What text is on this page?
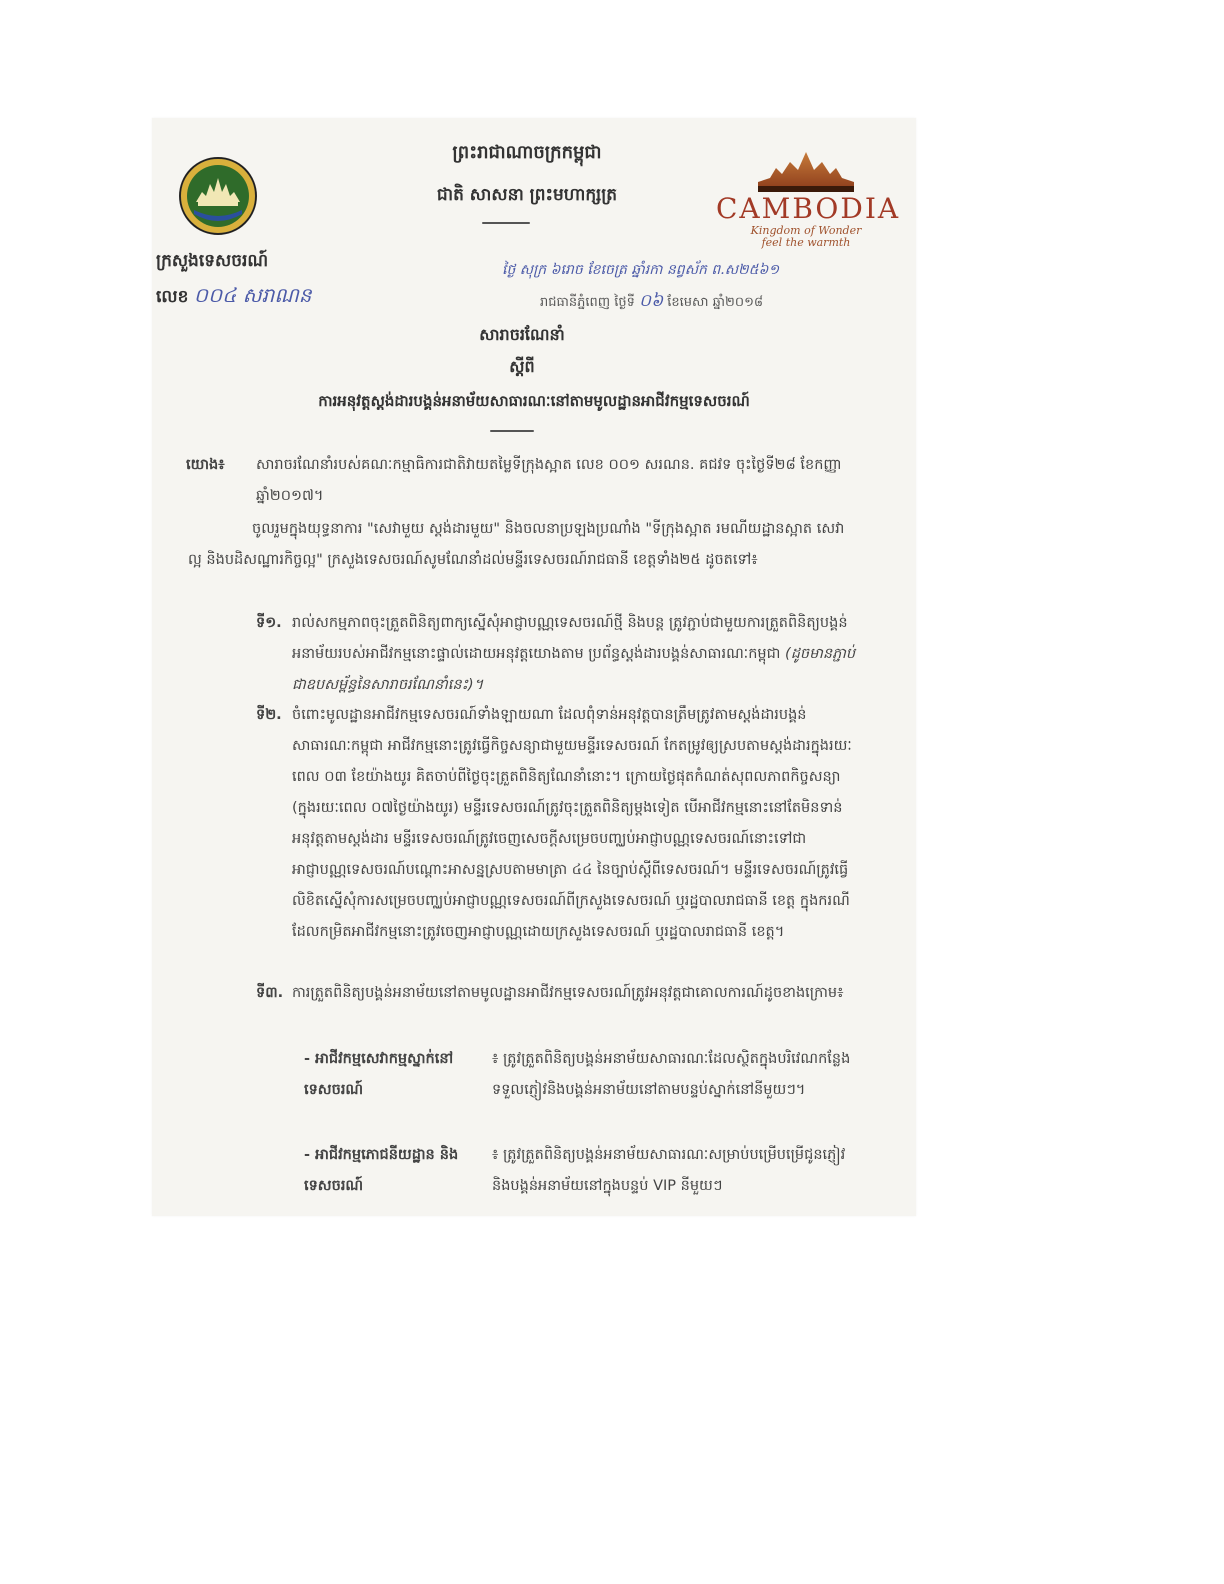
ព្រះរាជាណាចក្រកម្ពុជា
ជាតិ សាសនា ព្រះមហាក្សត្រ	CAMBODIA
Kingdom of Wonder
feel the warmth
ក្រសួងទេសចរណ៍
លេខ ០០៤ សរាណន
ថ្ងៃ សុក្រ ៦រោច ខែចេត្រ ឆ្នាំរកា នព្វស័ក ព.ស២៥៦១
រាជធានីភ្នំពេញ ថ្ងៃទី ០៦ ខែមេសា ឆ្នាំ២០១៨
សារាចរណែនាំ
ស្តីពី
ការអនុវត្តស្តង់ដារបង្គន់អនាម័យសាធារណៈនៅតាមមូលដ្ឋានអាជីវកម្មទេសចរណ៍
យោង៖	សារាចរណែនាំរបស់គណៈកម្មាធិការជាតិវាយតម្លៃទីក្រុងស្អាត លេខ ០០១ សរណន. គជវទ ចុះថ្ងៃទី២៨ ខែកញ្ញា ឆ្នាំ២០១៧។
ចូលរួមក្នុងយុទ្ធនាការ "សេវាមួយ ស្តង់ដារមួយ" និងចលនាប្រឡងប្រណាំង "ទីក្រុងស្អាត រមណីយដ្ឋានស្អាត សេវាល្អ និងបដិសណ្ឋារកិច្ចល្អ" ក្រសួងទេសចរណ៍សូមណែនាំដល់មន្ទីរទេសចរណ៍រាជធានី ខេត្តទាំង២៥ ដូចតទៅ៖
ទី១. រាល់សកម្មភាពចុះត្រួតពិនិត្យពាក្យស្នើសុំអាជ្ញាបណ្ណទេសចរណ៍ថ្មី និងបន្ត ត្រូវភ្ជាប់ជាមួយការត្រួតពិនិត្យបង្គន់អនាម័យរបស់អាជីវកម្មនោះផ្ទាល់ដោយអនុវត្តយោងតាម ប្រព័ន្ធស្តង់ដារបង្គន់សាធារណៈកម្ពុជា (ដូចមានភ្ជាប់ជាឧបសម្ព័ន្ធនៃសារាចរណែនាំនេះ)។
ទី២. ចំពោះមូលដ្ឋានអាជីវកម្មទេសចរណ៍ទាំងឡាយណា ដែលពុំទាន់អនុវត្តបានត្រឹមត្រូវតាមស្តង់ដារបង្គន់សាធារណៈកម្ពុជា អាជីវកម្មនោះត្រូវធ្វើកិច្ចសន្យាជាមួយមន្ទីរទេសចរណ៍ កែតម្រូវឲ្យស្របតាមស្តង់ដារក្នុងរយៈពេល ០៣ ខែយ៉ាងយូរ គិតចាប់ពីថ្ងៃចុះត្រួតពិនិត្យណែនាំនោះ។ ក្រោយថ្ងៃផុតកំណត់សុពលភាពកិច្ចសន្យា (ក្នុងរយៈពេល ០៧ថ្ងៃយ៉ាងយូរ) មន្ទីរទេសចរណ៍ត្រូវចុះត្រួតពិនិត្យម្តងទៀត បើអាជីវកម្មនោះនៅតែមិនទាន់អនុវត្តតាមស្តង់ដារ មន្ទីរទេសចរណ៍ត្រូវចេញសេចក្តីសម្រេចបញ្ឈប់អាជ្ញាបណ្ណទេសចរណ៍នោះទៅជាអាជ្ញាបណ្ណទេសចរណ៍បណ្តោះអាសន្នស្របតាមមាត្រា ៤៤ នៃច្បាប់ស្តីពីទេសចរណ៍។ មន្ទីរទេសចរណ៍ត្រូវធ្វើលិខិតស្នើសុំការសម្រេចបញ្ឈប់អាជ្ញាបណ្ណទេសចរណ៍ពីក្រសួងទេសចរណ៍ ឬរដ្ឋបាលរាជធានី ខេត្ត ក្នុងករណីដែលកម្រិតអាជីវកម្មនោះត្រូវចេញអាជ្ញាបណ្ណដោយក្រសួងទេសចរណ៍ ឬរដ្ឋបាលរាជធានី ខេត្ត។
ទី៣. ការត្រួតពិនិត្យបង្គន់អនាម័យនៅតាមមូលដ្ឋានអាជីវកម្មទេសចរណ៍ត្រូវអនុវត្តជាគោលការណ៍ដូចខាងក្រោម៖
- អាជីវកម្មសេវាកម្មស្នាក់នៅទេសចរណ៍
៖ ត្រូវត្រួតពិនិត្យបង្គន់អនាម័យសាធារណៈដែលស្ថិតក្នុងបរិវេណកន្លែងទទួលភ្ញៀវនិងបង្គន់អនាម័យនៅតាមបន្ទប់ស្នាក់នៅនីមួយៗ។
- អាជីវកម្មភោជនីយដ្ឋាន និងទេសចរណ៍
៖ ត្រូវត្រួតពិនិត្យបង្គន់អនាម័យសាធារណៈសម្រាប់បម្រើបម្រើជូនភ្ញៀវនិងបង្គន់អនាម័យនៅក្នុងបន្ទប់ VIP នីមួយៗ
